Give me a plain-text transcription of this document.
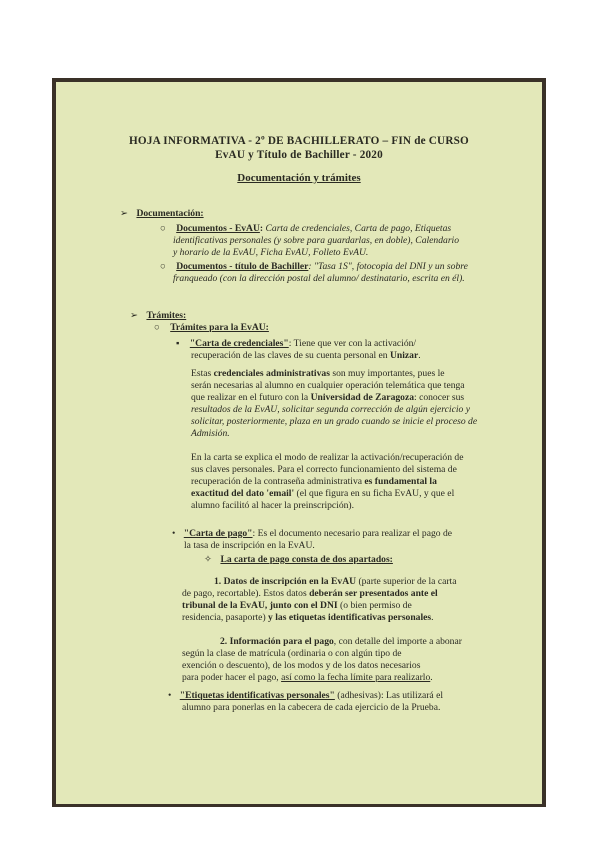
HOJA INFORMATIVA - 2º DE BACHILLERATO – FIN de CURSO
EvAU y Título de Bachiller - 2020
Documentación y trámites
➢ Documentación:
○ Documentos - EvAU: Carta de credenciales, Carta de pago, Etiquetas
identificativas personales (y sobre para guardarlas, en doble), Calendario
y horario de la EvAU, Ficha EvAU, Folleto EvAU.
○ Documentos - título de Bachiller: "Tasa 1S", fotocopia del DNI y un sobre
franqueado (con la dirección postal del alumno/ destinatario, escrita en él).
➢ Trámites:
○ Trámites para la EvAU:
▪ "Carta de credenciales": Tiene que ver con la activación/
recuperación de las claves de su cuenta personal en Unizar.
Estas credenciales administrativas son muy importantes, pues le
serán necesarias al alumno en cualquier operación telemática que tenga
que realizar en el futuro con la Universidad de Zaragoza: conocer sus
resultados de la EvAU, solicitar segunda corrección de algún ejercicio y
solicitar, posteriormente, plaza en un grado cuando se inicie el proceso de
Admisión.
En la carta se explica el modo de realizar la activación/recuperación de
sus claves personales. Para el correcto funcionamiento del sistema de
recuperación de la contraseña administrativa es fundamental la
exactitud del dato 'email' (el que figura en su ficha EvAU, y que el
alumno facilitó al hacer la preinscripción).
• "Carta de pago": Es el documento necesario para realizar el pago de
la tasa de inscripción en la EvAU.
✧ La carta de pago consta de dos apartados:
1. Datos de inscripción en la EvAU (parte superior de la carta
de pago, recortable). Estos datos deberán ser presentados ante el
tribunal de la EvAU, junto con el DNI (o bien permiso de
residencia, pasaporte) y las etiquetas identificativas personales.
2. Información para el pago, con detalle del importe a abonar
según la clase de matrícula (ordinaria o con algún tipo de
exención o descuento), de los modos y de los datos necesarios
para poder hacer el pago, así como la fecha límite para realizarlo.
• "Etiquetas identificativas personales" (adhesivas): Las utilizará el
alumno para ponerlas en la cabecera de cada ejercicio de la Prueba.
